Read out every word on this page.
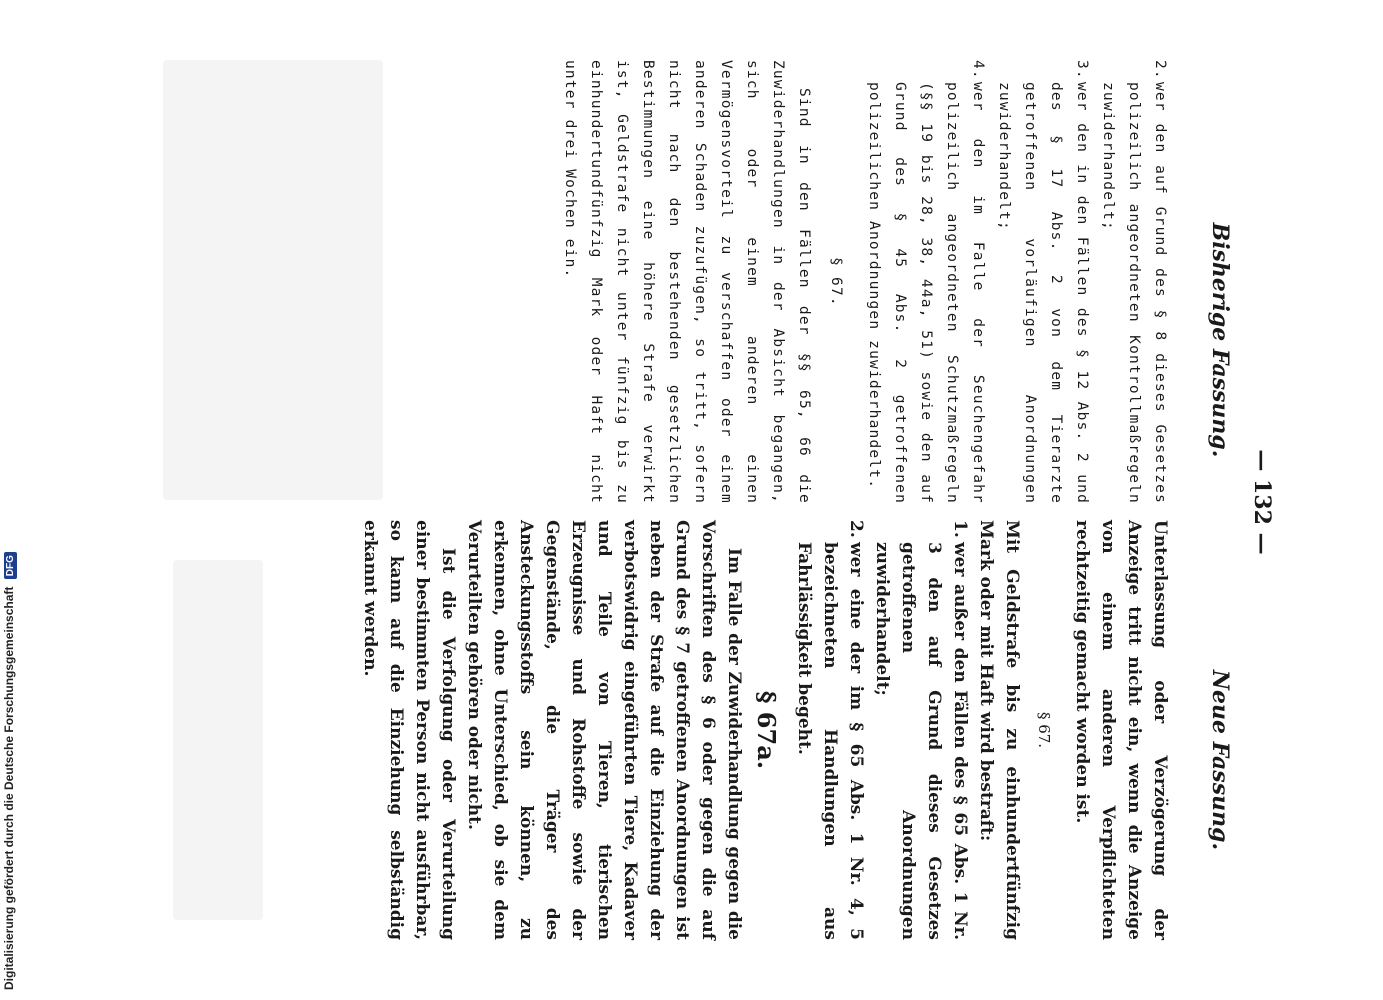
Digitalisierung gefördert durch die Deutsche Forschungsgemeinschaft DFG
— 132 —
Bisherige Fassung.
Neue Fassung.
2.
wer den auf Grund des § 8 dieses Gesetzes polizeilich angeordneten Kontrollmaßregeln zuwiderhandelt;
3.
wer den in den Fällen des § 12 Abs. 2 und des § 17 Abs. 2 von dem Tierarzte getroffenen vorläufigen Anordnungen zuwiderhandelt;
4.
wer den im Falle der Seuchengefahr polizeilich angeordneten Schutzmaßregeln (§§ 19 bis 28, 38, 44a, 51) sowie den auf Grund des § 45 Abs. 2 getroffenen polizeilichen Anordnungen zuwiderhandelt.
§ 67.

Sind in den Fällen der §§ 65, 66 die Zuwiderhandlungen in der Absicht begangen, sich oder einem anderen einen Vermögensvorteil zu verschaffen oder einem anderen Schaden zuzufügen, so tritt, sofern nicht nach den bestehenden gesetzlichen Bestimmungen eine höhere Strafe verwirkt ist, Geldstrafe nicht unter fünfzig bis zu einhundertundfünfzig Mark oder Haft nicht unter drei Wochen ein.

Unterlassung oder Verzögerung der Anzeige tritt nicht ein, wenn die Anzeige von einem anderen Verpflichteten rechtzeitig gemacht worden ist.

§ 67.

Mit Geldstrafe bis zu einhundertfünfzig Mark oder mit Haft wird bestraft:

1.
wer außer den Fällen des § 65 Abs. 1 Nr. 3 den auf Grund dieses Gesetzes getroffenen Anordnungen zuwiderhandelt;
2.
wer eine der im § 65 Abs. 1 Nr. 4, 5 bezeichneten Handlungen aus Fahrlässigkeit begeht.
§ 67a.

Im Falle der Zuwiderhandlung gegen die Vorschriften des § 6 oder gegen die auf Grund des § 7 getroffenen Anordnungen ist neben der Strafe auf die Einziehung der verbotswidrig eingeführten Tiere, Kadaver und Teile von Tieren, tierischen Erzeugnisse und Rohstoffe sowie der Gegenstände, die Träger des Ansteckungsstoffs sein können, zu erkennen, ohne Unterschied, ob sie dem Verurteilten gehören oder nicht.

Ist die Verfolgung oder Verurteilung einer bestimmten Person nicht ausführbar, so kann auf die Einziehung selbständig erkannt werden.
